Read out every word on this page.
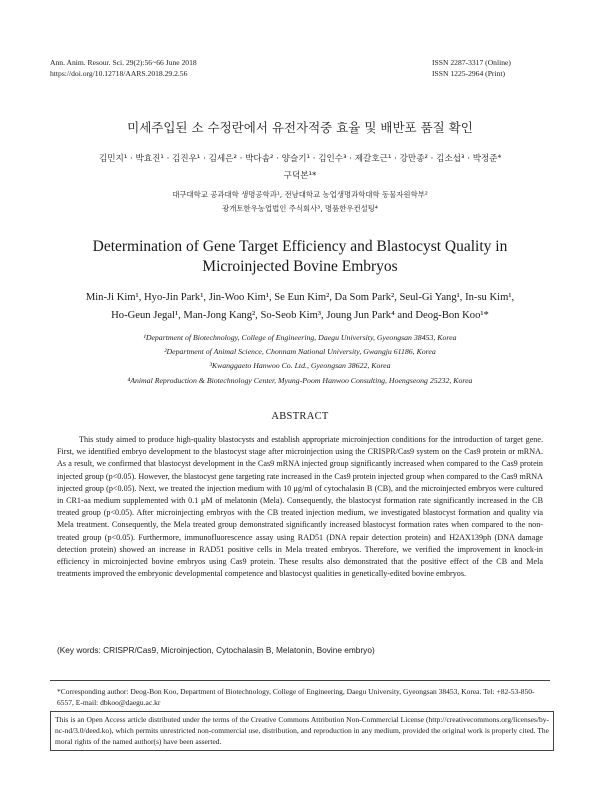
Ann. Anim. Resour. Sci. 29(2):56~66 June 2018
https://doi.org/10.12718/AARS.2018.29.2.56
ISSN 2287-3317 (Online)
ISSN 1225-2964 (Print)
미세주입된 소 수정란에서 유전자적중 효율 및 배반포 품질 확인
김민지¹ · 박효진¹ · 김진우¹ · 김세은² · 박다솜² · 양슬기¹ · 김인수³ · 제갈호근¹ · 강만종² · 김소섭³ · 박정준⁴
구덕본¹*
대구대학교 공과대학 생명공학과¹, 전남대학교 농업생명과학대학 동물자원학부²
광개토한우농업법인 주식회사³, 명품한우컨설팅⁴
Determination of Gene Target Efficiency and Blastocyst Quality in
Microinjected Bovine Embryos
Min-Ji Kim¹, Hyo-Jin Park¹, Jin-Woo Kim¹, Se Eun Kim², Da Som Park², Seul-Gi Yang¹, In-su Kim¹,
Ho-Geun Jegal¹, Man-Jong Kang², So-Seob Kim³, Joung Jun Park⁴ and Deog-Bon Koo¹*
¹Department of Biotechnology, College of Engineering, Daegu University, Gyeongsan 38453, Korea
²Department of Animal Science, Chonnam National University, Gwangju 61186, Korea
³Kwanggaeto Hanwoo Co. Ltd., Gyeongsan 38622, Korea
⁴Animal Reproduction & Biotechnology Center, Myung-Poom Hanwoo Consulting, Hoengseong 25232, Korea
ABSTRACT

This study aimed to produce high-quality blastocysts and establish appropriate microinjection conditions for the introduction of target gene. First, we identified embryo development to the blastocyst stage after microinjection using the CRISPR/Cas9 system on the Cas9 protein or mRNA. As a result, we confirmed that blastocyst development in the Cas9 mRNA injected group significantly increased when compared to the Cas9 protein injected group (p<0.05). However, the blastocyst gene targeting rate increased in the Cas9 protein injected group when compared to the Cas9 mRNA injected group (p<0.05). Next, we treated the injection medium with 10 μg/ml of cytochalasin B (CB), and the microinjected embryos were cultured in CR1-aa medium supplemented with 0.1 μM of melatonin (Mela). Consequently, the blastocyst formation rate significantly increased in the CB treated group (p<0.05). After microinjecting embryos with the CB treated injection medium, we investigated blastocyst formation and quality via Mela treatment. Consequently, the Mela treated group demonstrated significantly increased blastocyst formation rates when compared to the non-treated group (p<0.05). Furthermore, immunofluorescence assay using RAD51 (DNA repair detection protein) and H2AX139ph (DNA damage detection protein) showed an increase in RAD51 positive cells in Mela treated embryos. Therefore, we verified the improvement in knock-in efficiency in microinjected bovine embryos using Cas9 protein. These results also demonstrated that the positive effect of the CB and Mela treatments improved the embryonic developmental competence and blastocyst qualities in genetically-edited bovine embryos.

(Key words: CRISPR/Cas9, Microinjection, Cytochalasin B, Melatonin, Bovine embryo)

*Corresponding author: Deog-Bon Koo, Department of Biotechnology, College of Engineering, Daegu University, Gyeongsan 38453, Korea. Tel: +82-53-850-6557, E-mail: dbkoo@daegu.ac.kr

This is an Open Access article distributed under the terms of the Creative Commons Attribution Non-Commercial License (http://creativecommons.org/licenses/by-nc-nd/3.0/deed.ko), which permits unrestricted non-commercial use, distribution, and reproduction in any medium, provided the original work is properly cited. The moral rights of the named author(s) have been asserted.
